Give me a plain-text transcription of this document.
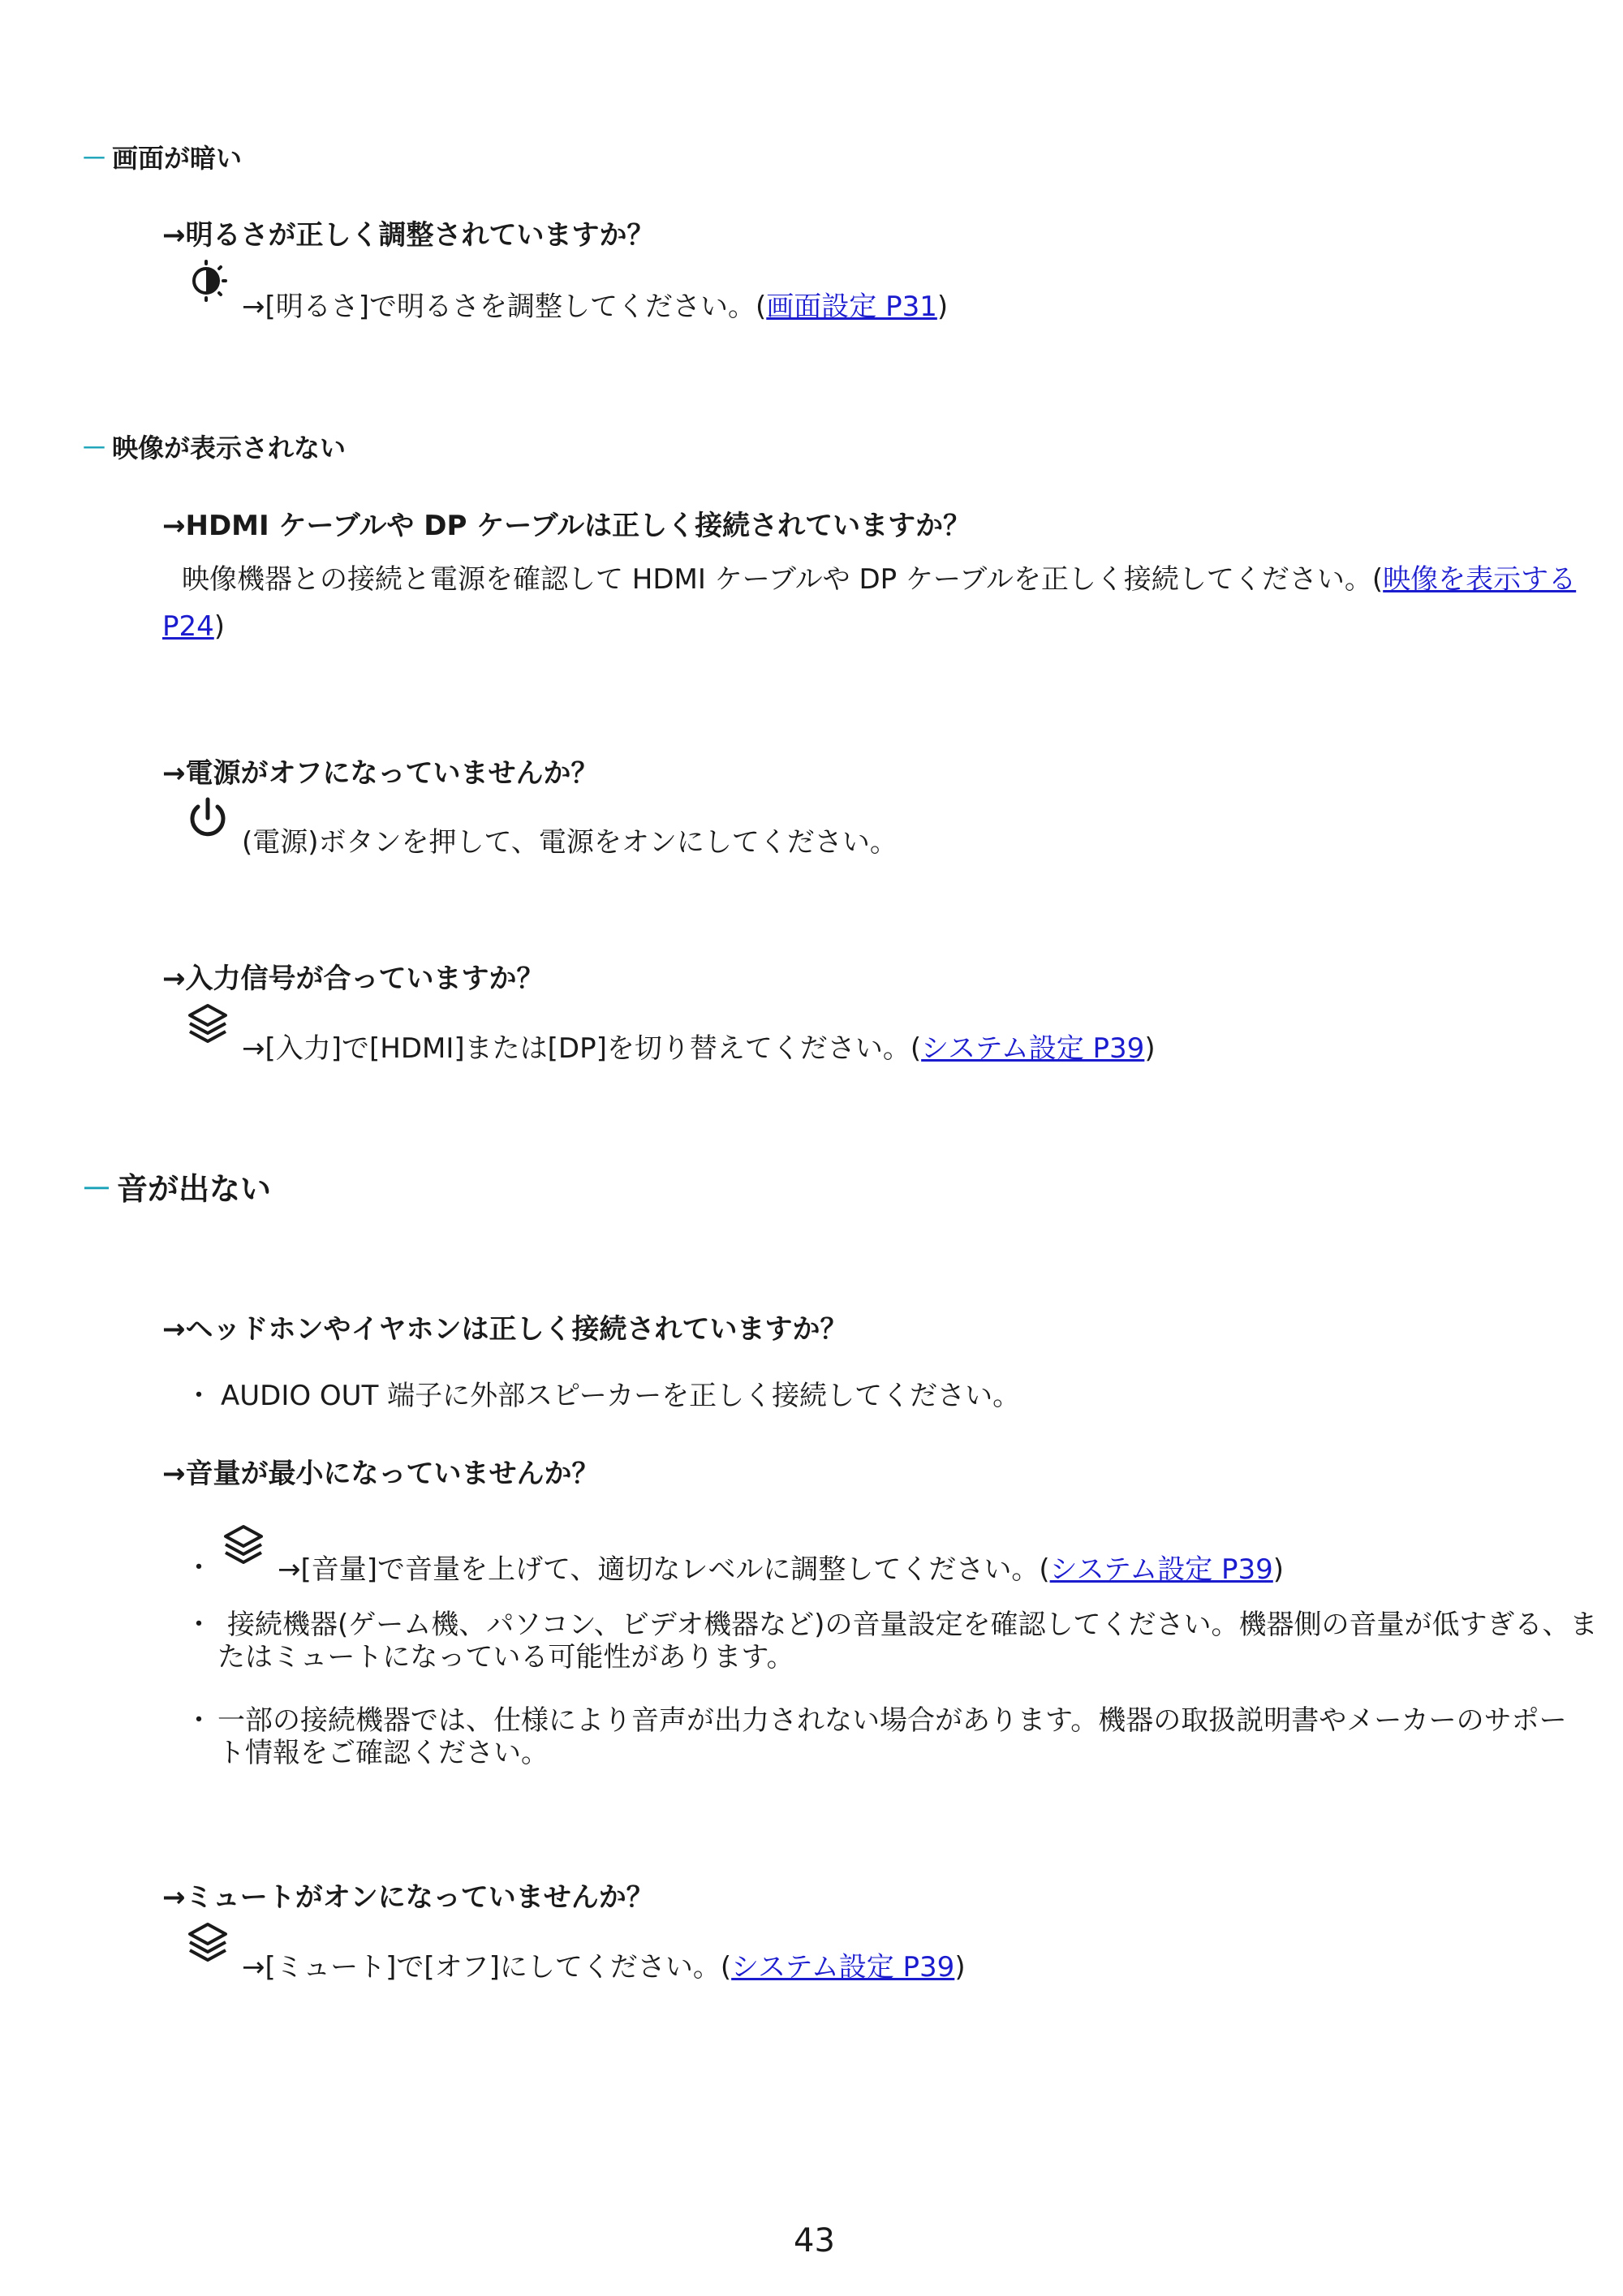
－ 画面が暗い
→明るさが正しく調整されていますか？
→[明るさ]で明るさを調整してください。(画面設定 P31)
－ 映像が表示されない
→HDMI ケーブルや DP ケーブルは正しく接続されていますか？
映像機器との接続と電源を確認して HDMI ケーブルや DP ケーブルを正しく接続してください。(映像を表示する
P24)
→電源がオフになっていませんか？
(電源)ボタンを押して、電源をオンにしてください。
→入力信号が合っていますか？
→[入力]で[HDMI]または[DP]を切り替えてください。(システム設定 P39)
－ 音が出ない
→ヘッドホンやイヤホンは正しく接続されていますか？
・ AUDIO OUT 端子に外部スピーカーを正しく接続してください。
→音量が最小になっていませんか？
・ →[音量]で音量を上げて、適切なレベルに調整してください。(システム設定 P39)
・ 接続機器(ゲーム機、パソコン、ビデオ機器など)の音量設定を確認してください。機器側の音量が低すぎる、ま
たはミュートになっている可能性があります。
・ 一部の接続機器では、仕様により音声が出力されない場合があります。機器の取扱説明書やメーカーのサポー
ト情報をご確認ください。
→ミュートがオンになっていませんか？
→[ミュート]で[オフ]にしてください。(システム設定 P39)
43
